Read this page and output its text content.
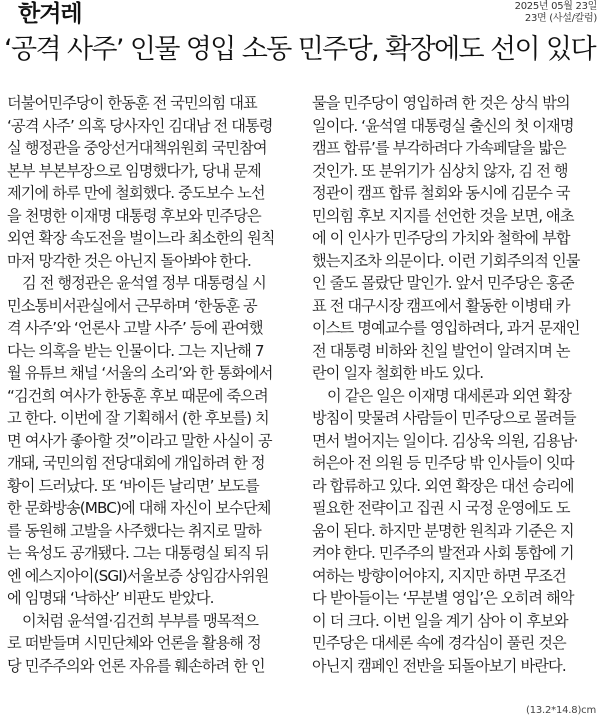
한겨레	2025년 05월 23일
23면 (사설/칼럼)
‘공격 사주’ 인물 영입 소동 민주당, 확장에도 선이 있다
더불어민주당이 한동훈 전 국민의힘 대표
‘공격 사주’ 의혹 당사자인 김대남 전 대통령
실 행정관을 중앙선거대책위원회 국민참여
본부 부본부장으로 임명했다가, 당내 문제
제기에 하루 만에 철회했다. 중도보수 노선
을 천명한 이재명 대통령 후보와 민주당은
외연 확장 속도전을 벌이느라 최소한의 원칙
마저 망각한 것은 아닌지 돌아봐야 한다.
김 전 행정관은 윤석열 정부 대통령실 시
민소통비서관실에서 근무하며 ‘한동훈 공
격 사주’와 ‘언론사 고발 사주’ 등에 관여했
다는 의혹을 받는 인물이다. 그는 지난해 7
월 유튜브 채널 ‘서울의 소리’와 한 통화에서
“김건희 여사가 한동훈 후보 때문에 죽으려
고 한다. 이번에 잘 기획해서 (한 후보를) 치
면 여사가 좋아할 것”이라고 말한 사실이 공
개돼, 국민의힘 전당대회에 개입하려 한 정
황이 드러났다. 또 ‘바이든 날리면’ 보도를
한 문화방송(MBC)에 대해 자신이 보수단체
를 동원해 고발을 사주했다는 취지로 말하
는 육성도 공개됐다. 그는 대통령실 퇴직 뒤
엔 에스지아이(SGI)서울보증 상임감사위원
에 임명돼 ‘낙하산’ 비판도 받았다.
이처럼 윤석열·김건희 부부를 맹목적으
로 떠받들며 시민단체와 언론을 활용해 정
당 민주주의와 언론 자유를 훼손하려 한 인
물을 민주당이 영입하려 한 것은 상식 밖의
일이다. ‘윤석열 대통령실 출신의 첫 이재명
캠프 합류’를 부각하려다 가속페달을 밟은
것인가. 또 분위기가 심상치 않자, 김 전 행
정관이 캠프 합류 철회와 동시에 김문수 국
민의힘 후보 지지를 선언한 것을 보면, 애초
에 이 인사가 민주당의 가치와 철학에 부합
했는지조차 의문이다. 이런 기회주의적 인물
인 줄도 몰랐단 말인가. 앞서 민주당은 홍준
표 전 대구시장 캠프에서 활동한 이병태 카
이스트 명예교수를 영입하려다, 과거 문재인
전 대통령 비하와 친일 발언이 알려지며 논
란이 일자 철회한 바도 있다.
이 같은 일은 이재명 대세론과 외연 확장
방침이 맞물려 사람들이 민주당으로 몰려들
면서 벌어지는 일이다. 김상욱 의원, 김용남·
허은아 전 의원 등 민주당 밖 인사들이 잇따
라 합류하고 있다. 외연 확장은 대선 승리에
필요한 전략이고 집권 시 국정 운영에도 도
움이 된다. 하지만 분명한 원칙과 기준은 지
켜야 한다. 민주주의 발전과 사회 통합에 기
여하는 방향이어야지, 지지만 하면 무조건
다 받아들이는 ‘무분별 영입’은 오히려 해악
이 더 크다. 이번 일을 계기 삼아 이 후보와
민주당은 대세론 속에 경각심이 풀린 것은
아닌지 캠페인 전반을 되돌아보기 바란다.
(13.2*14.8)cm
